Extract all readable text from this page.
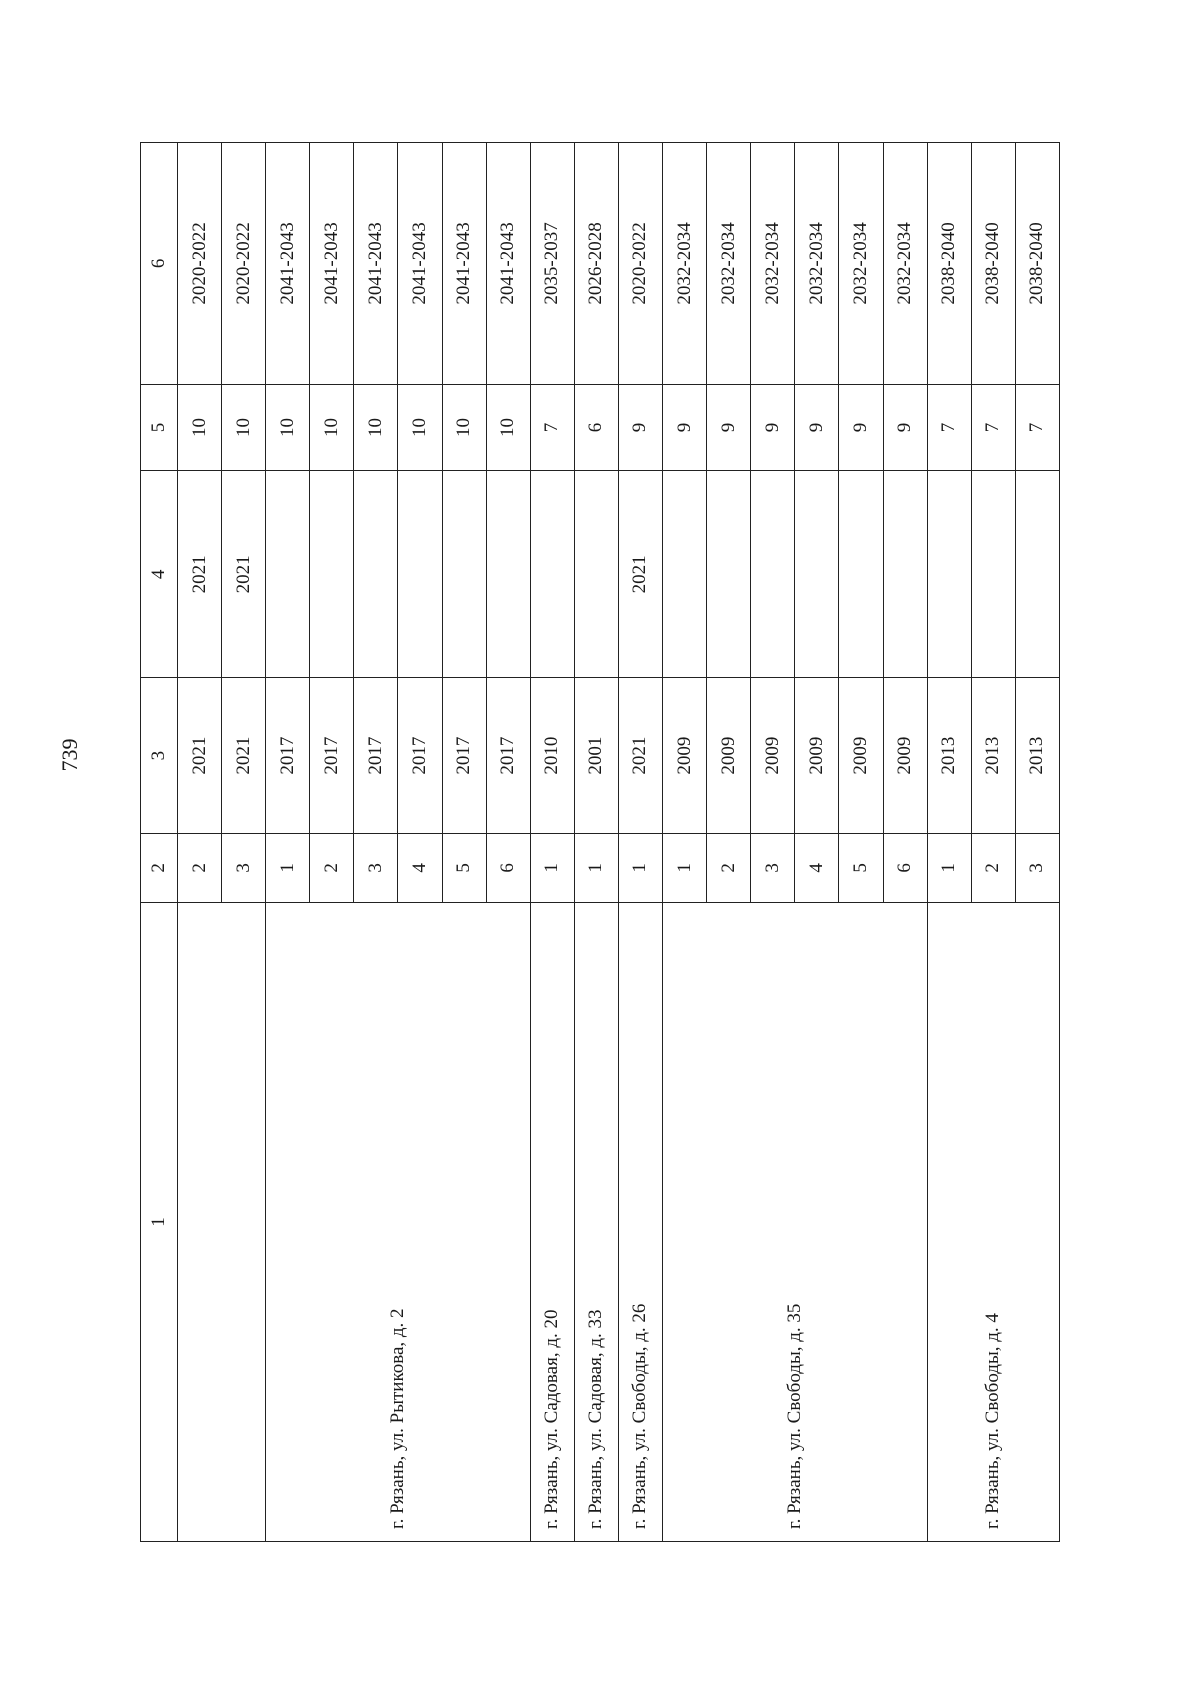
739
1	2	3	4	5	6
	2	2021	2021	10	2020-2022
	3	2021	2021	10	2020-2022
г. Рязань, ул. Рытикова, д. 2	1	2017		10	2041-2043
	2	2017		10	2041-2043
	3	2017		10	2041-2043
	4	2017		10	2041-2043
	5	2017		10	2041-2043
	6	2017		10	2041-2043
г. Рязань, ул. Садовая, д. 20	1	2010		7	2035-2037
г. Рязань, ул. Садовая, д. 33	1	2001		6	2026-2028
г. Рязань, ул. Свободы, д. 26	1	2021	2021	9	2020-2022
г. Рязань, ул. Свободы, д. 35	1	2009		9	2032-2034
	2	2009		9	2032-2034
	3	2009		9	2032-2034
	4	2009		9	2032-2034
	5	2009		9	2032-2034
	6	2009		9	2032-2034
г. Рязань, ул. Свободы, д. 4	1	2013		7	2038-2040
	2	2013		7	2038-2040
	3	2013		7	2038-2040
